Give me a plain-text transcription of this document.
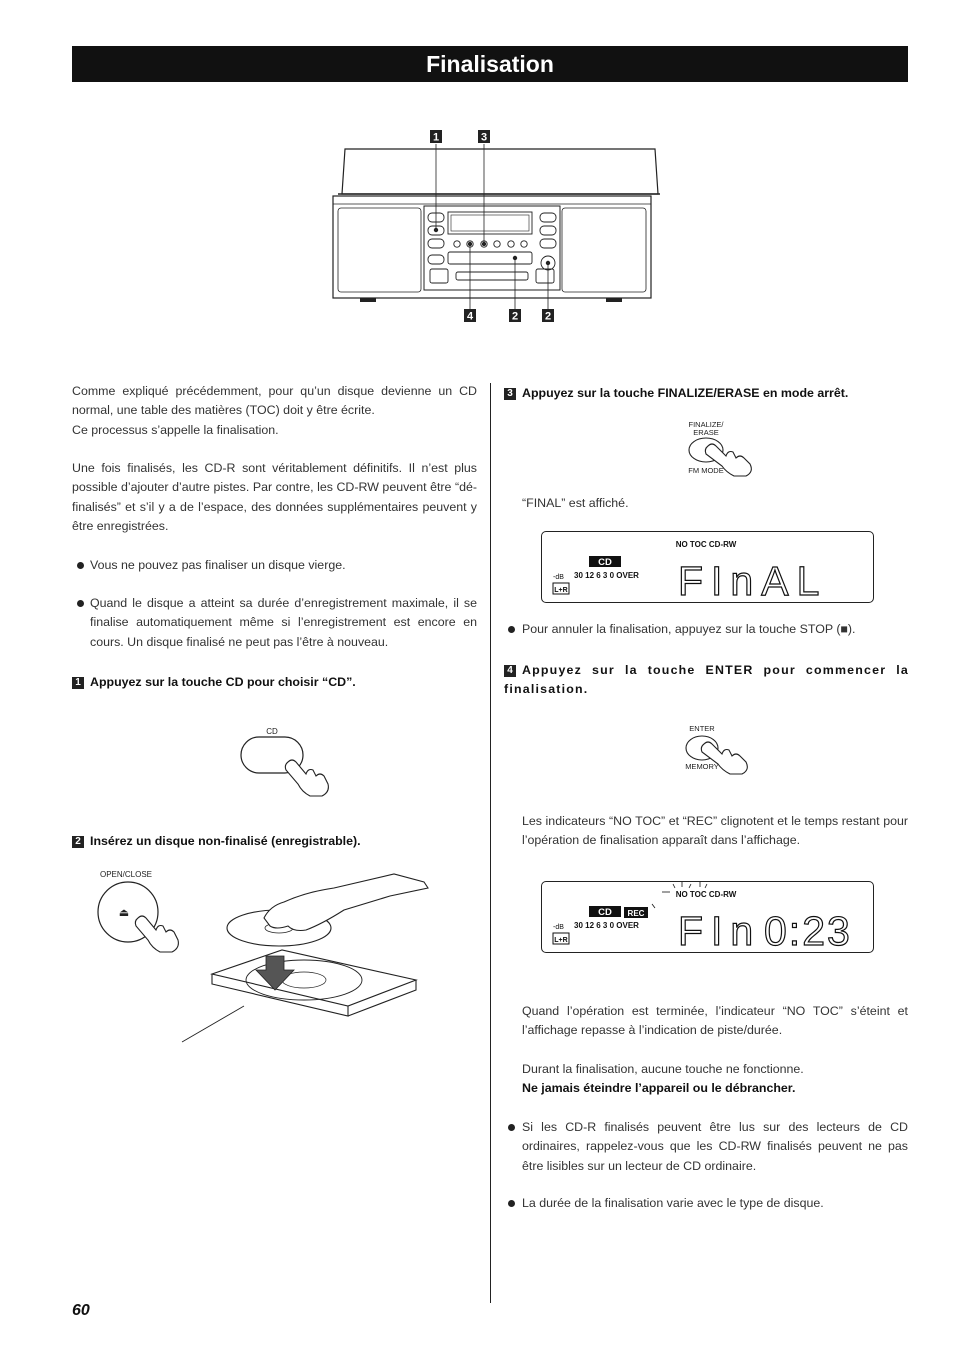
Finalisation
1	3
4	2 2
Comme expliqué précédemment, pour qu’un disque devienne un CD normal, une table des matières (TOC) doit y être écrite.
Ce processus s’appelle la finalisation.
Une fois finalisés, les CD-R sont véritablement définitifs. Il n’est plus possible d’ajouter d’autre pistes. Par contre, les CD-RW peuvent être “dé-finalisés” et s’il y a de l’espace, des données supplémentaires peuvent y être enregistrées.
Vous ne pouvez pas finaliser un disque vierge.
Quand le disque a atteint sa durée d’enregistrement maximale, il se finalise automatiquement même si l’enregistrement est encore en cours. Un disque finalisé ne peut pas l’être à nouveau.
1 Appuyez sur la touche CD pour choisir “CD”.
CD
2 Insérez un disque non-finalisé (enregistrable).
OPEN/CLOSE
⏏
3 Appuyez sur la touche FINALIZE/ERASE en mode arrêt.
FINALIZE/
ERASE
FM MODE
“FINAL” est affiché.
NO TOC CD-RW
CD
-dB 30 12 6 3 0 OVER
L+R	FInAL
Pour annuler la finalisation, appuyez sur la touche STOP (■).
4 Appuyez sur la touche ENTER pour commencer la finalisation.
ENTER
MEMORY
Les indicateurs “NO TOC” et “REC” clignotent et le temps restant pour l’opération de finalisation apparaît dans l’affichage.
NO TOC CD-RW
CD REC
-dB 30 12 6 3 0 OVER
L+R	FIn 0:23
Quand l’opération est terminée, l’indicateur “NO TOC” s’éteint et l’affichage repasse à l’indication de piste/durée.
Durant la finalisation, aucune touche ne fonctionne.
Ne jamais éteindre l’appareil ou le débrancher.
Si les CD-R finalisés peuvent être lus sur des lecteurs de CD ordinaires, rappelez-vous que les CD-RW finalisés peuvent ne pas être lisibles sur un lecteur de CD ordinaire.
La durée de la finalisation varie avec le type de disque.
60
